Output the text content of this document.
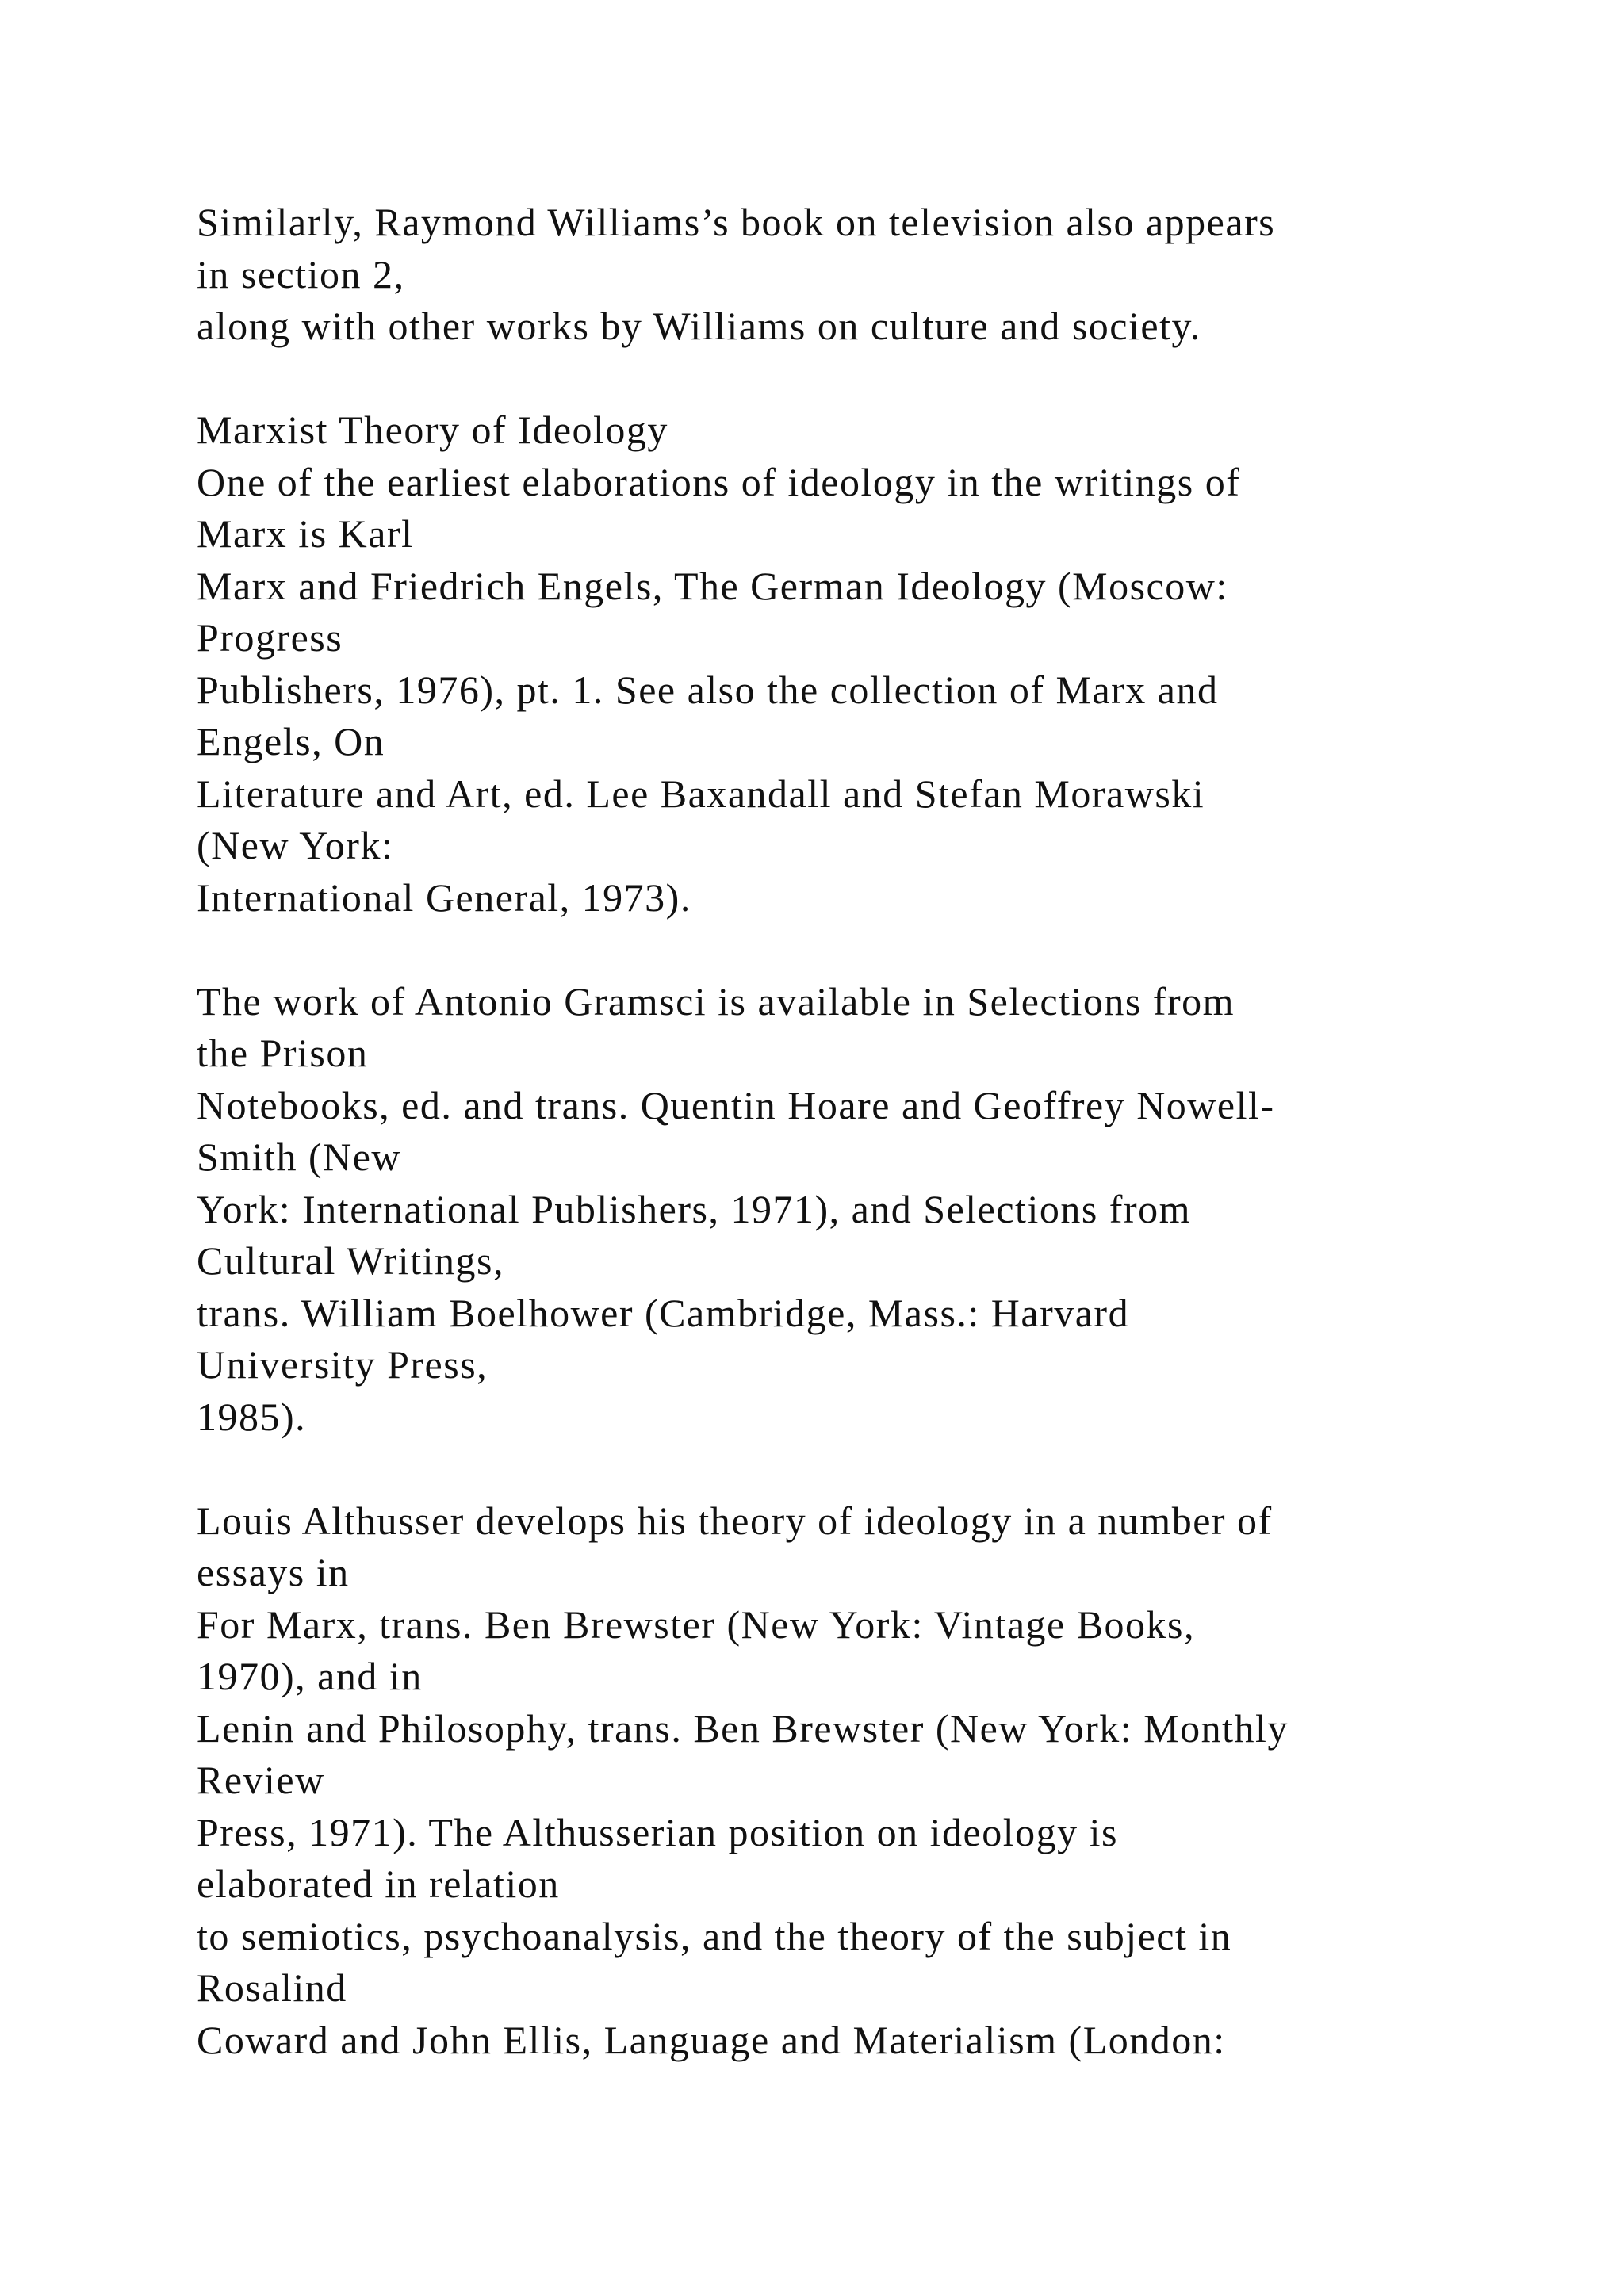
Similarly, Raymond Williams’s book on television also appears
in section 2,
along with other works by Williams on culture and society.
Marxist Theory of Ideology
One of the earliest elaborations of ideology in the writings of
Marx is Karl
Marx and Friedrich Engels, The German Ideology (Moscow:
Progress
Publishers, 1976), pt. 1. See also the collection of Marx and
Engels, On
Literature and Art, ed. Lee Baxandall and Stefan Morawski
(New York:
International General, 1973).
The work of Antonio Gramsci is available in Selections from
the Prison
Notebooks, ed. and trans. Quentin Hoare and Geoffrey Nowell-
Smith (New
York: International Publishers, 1971), and Selections from
Cultural Writings,
trans. William Boelhower (Cambridge, Mass.: Harvard
University Press,
1985).
Louis Althusser develops his theory of ideology in a number of
essays in
For Marx, trans. Ben Brewster (New York: Vintage Books,
1970), and in
Lenin and Philosophy, trans. Ben Brewster (New York: Monthly
Review
Press, 1971). The Althusserian position on ideology is
elaborated in relation
to semiotics, psychoanalysis, and the theory of the subject in
Rosalind
Coward and John Ellis, Language and Materialism (London:
